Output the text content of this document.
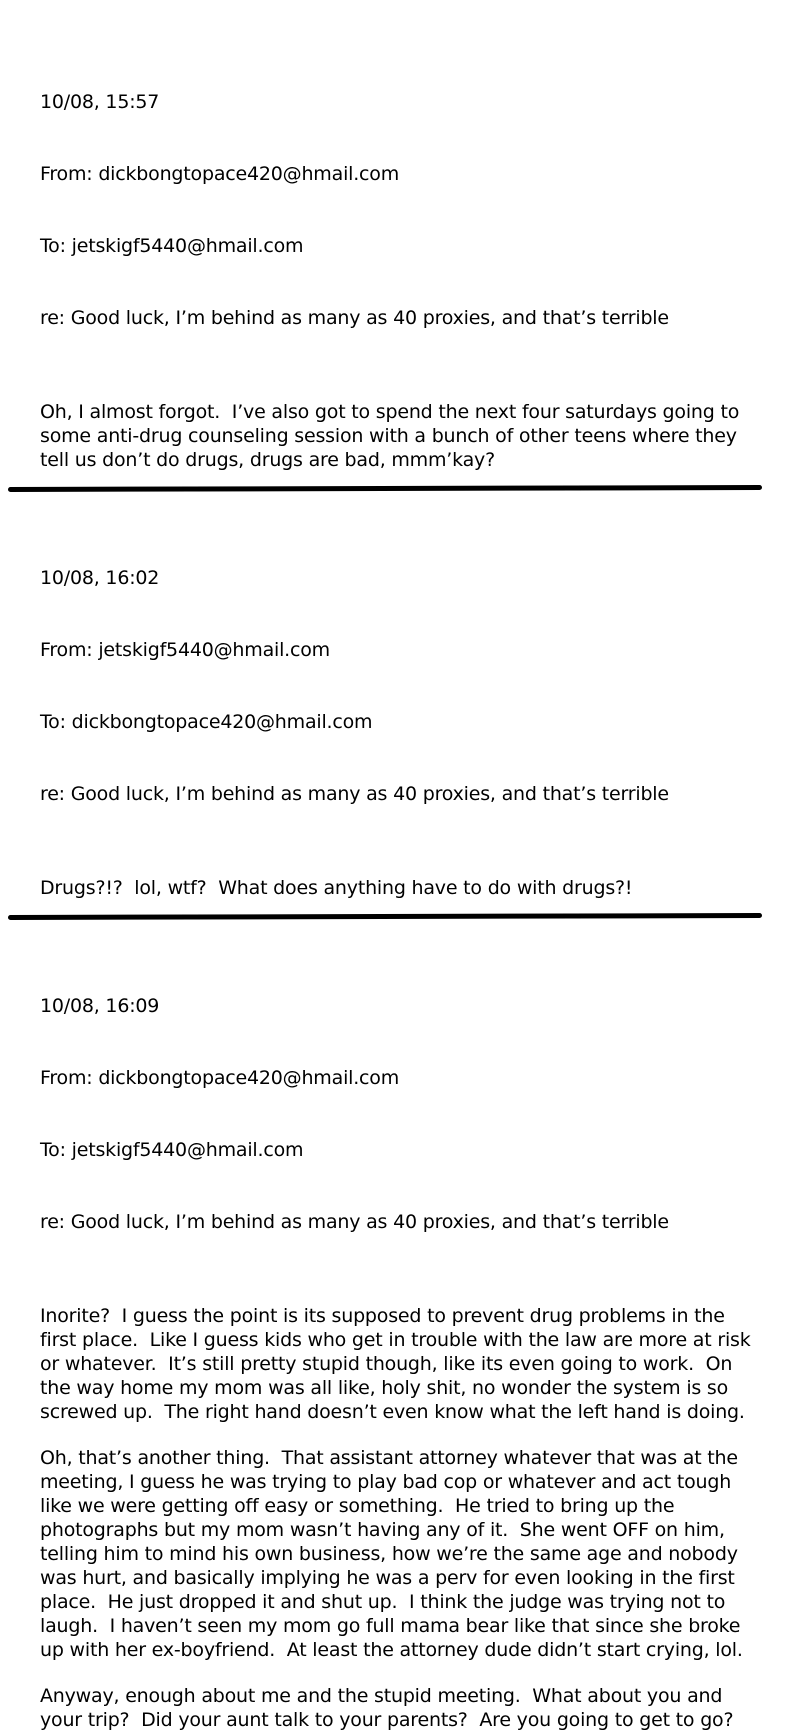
10/08, 15:57

From: dickbongtopace420@hmail.com

To: jetskigf5440@hmail.com

re: Good luck, I’m behind as many as 40 proxies, and that’s terrible

Oh, I almost forgot.  I’ve also got to spend the next four saturdays going to some anti-drug counseling session with a bunch of other teens where they tell us don’t do drugs, drugs are bad, mmm’kay?

10/08, 16:02

From: jetskigf5440@hmail.com

To: dickbongtopace420@hmail.com

re: Good luck, I’m behind as many as 40 proxies, and that’s terrible

Drugs?!?  lol, wtf?  What does anything have to do with drugs?!

10/08, 16:09

From: dickbongtopace420@hmail.com

To: jetskigf5440@hmail.com

re: Good luck, I’m behind as many as 40 proxies, and that’s terrible

Inorite?  I guess the point is its supposed to prevent drug problems in the first place.  Like I guess kids who get in trouble with the law are more at risk or whatever.  It’s still pretty stupid though, like its even going to work.  On the way home my mom was all like, holy shit, no wonder the system is so screwed up.  The right hand doesn’t even know what the left hand is doing.

Oh, that’s another thing.  That assistant attorney whatever that was at the meeting, I guess he was trying to play bad cop or whatever and act tough like we were getting off easy or something.  He tried to bring up the photographs but my mom wasn’t having any of it.  She went OFF on him, telling him to mind his own business, how we’re the same age and nobody was hurt, and basically implying he was a perv for even looking in the first place.  He just dropped it and shut up.  I think the judge was trying not to laugh.  I haven’t seen my mom go full mama bear like that since she broke up with her ex-boyfriend.  At least the attorney dude didn’t start crying, lol.

Anyway, enough about me and the stupid meeting.  What about you and your trip?  Did your aunt talk to your parents?  Are you going to get to go?
